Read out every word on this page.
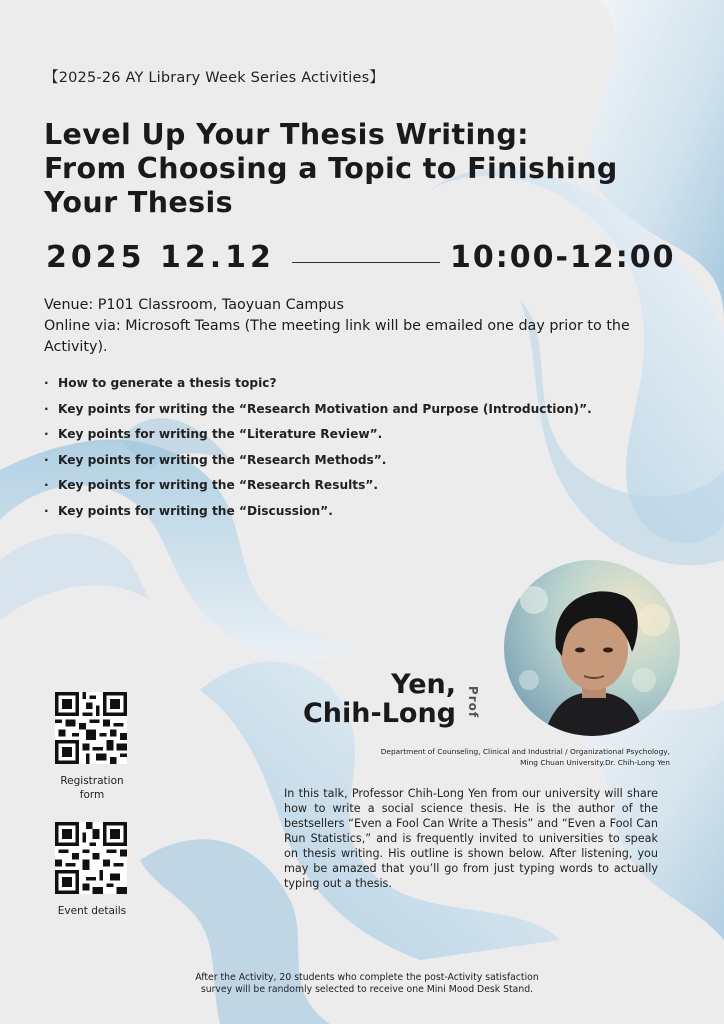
【2025-26 AY Library Week Series Activities】
Level Up Your Thesis Writing:
From Choosing a Topic to Finishing
Your Thesis
2025 12.12	10:00-12:00
Venue: P101 Classroom, Taoyuan Campus
Online via: Microsoft Teams (The meeting link will be emailed one day prior to the Activity).
· How to generate a thesis topic?
· Key points for writing the “Research Motivation and Purpose (Introduction)”.
· Key points for writing the “Literature Review”.
· Key points for writing the “Research Methods”.
· Key points for writing the “Research Results”.
· Key points for writing the “Discussion”.
Yen,
Chih-Long Prof
Department of Counseling, Clinical and Industrial / Organizational Psychology,
Ming Chuan University.Dr. Chih-Long Yen
In this talk, Professor Chih-Long Yen from our university will share how to write a social science thesis. He is the author of the bestsellers “Even a Fool Can Write a Thesis” and “Even a Fool Can Run Statistics,” and is frequently invited to universities to speak on thesis writing. His outline is shown below. After listening, you may be amazed that you’ll go from just typing words to actually typing out a thesis.
Registration
form
Event details
After the Activity, 20 students who complete the post-Activity satisfaction
survey will be randomly selected to receive one Mini Mood Desk Stand.
